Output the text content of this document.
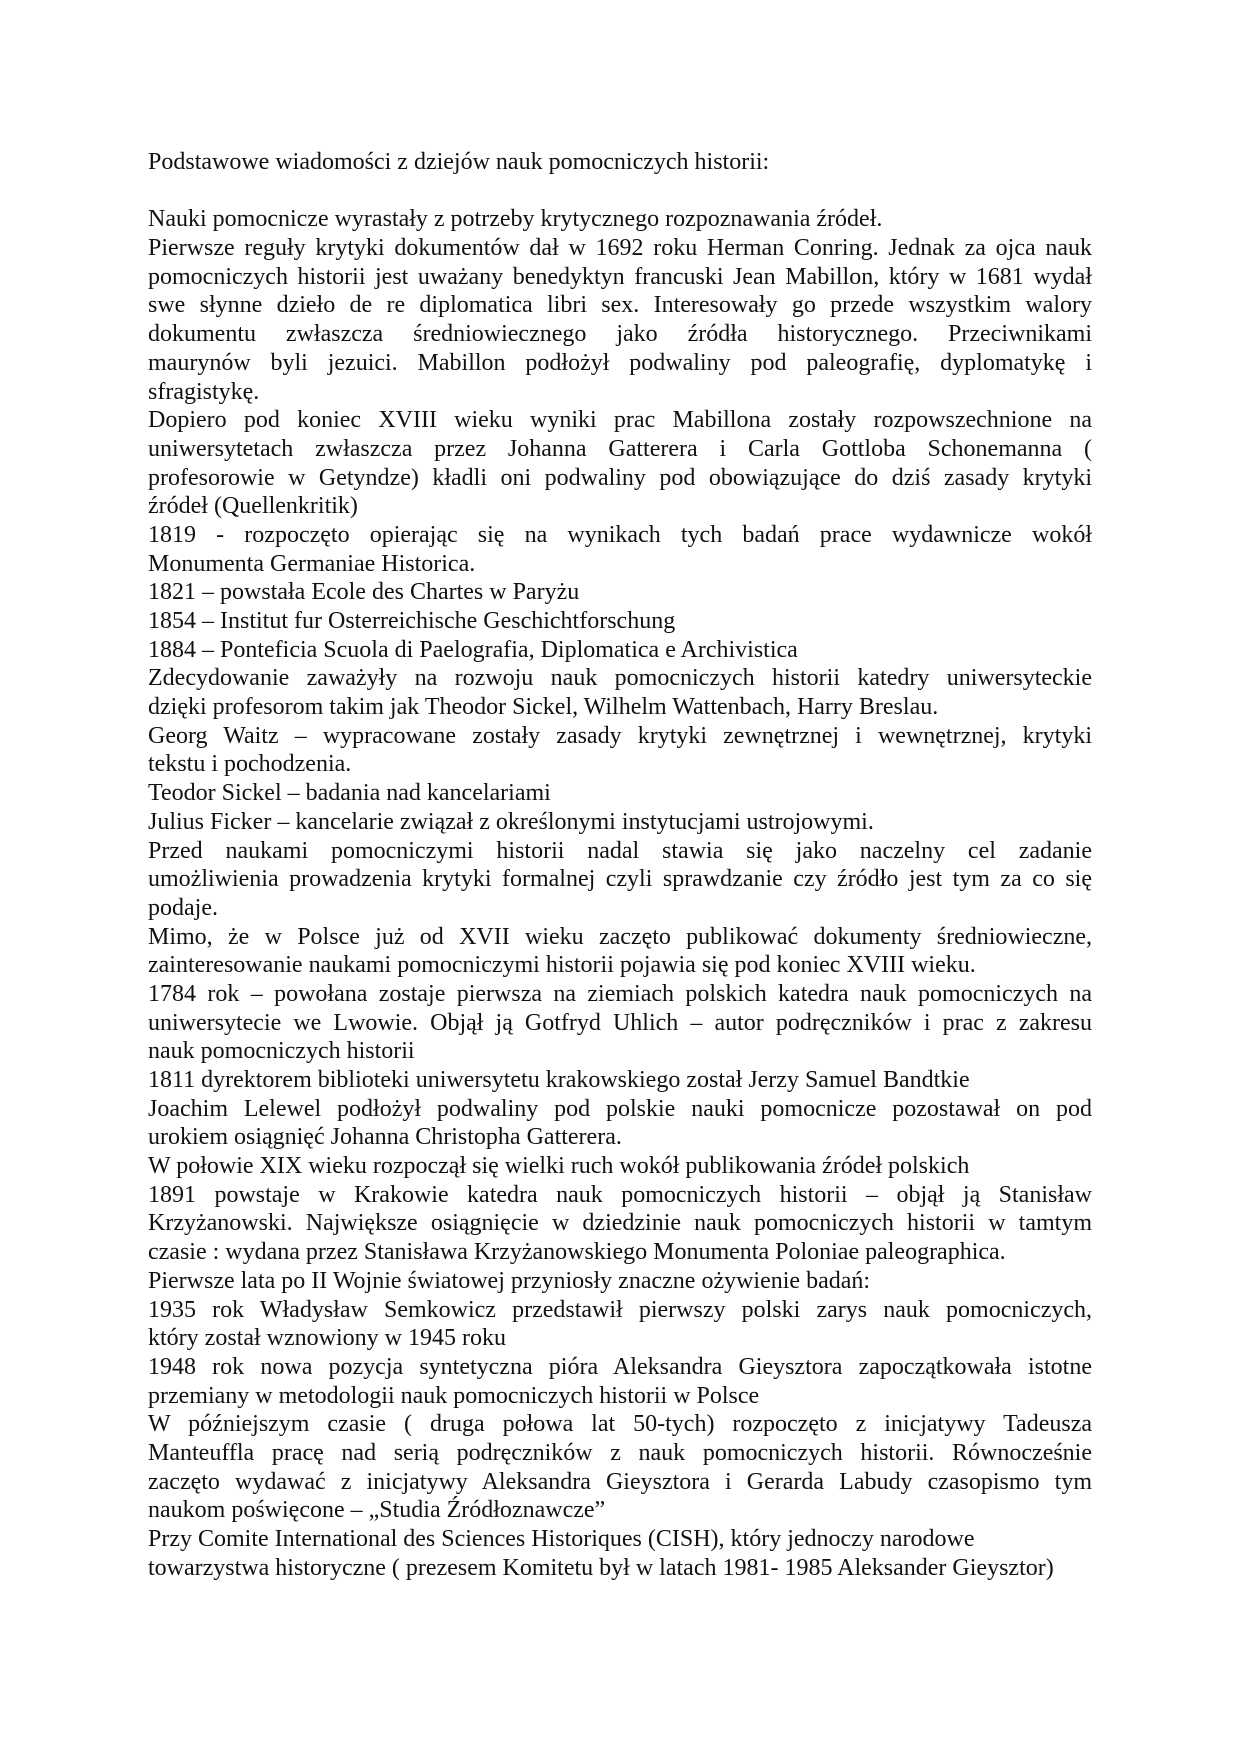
Podstawowe wiadomości z dziejów nauk pomocniczych historii:
Nauki pomocnicze wyrastały z potrzeby krytycznego rozpoznawania źródeł.
Pierwsze reguły krytyki dokumentów dał w 1692 roku Herman Conring. Jednak za ojca nauk
pomocniczych historii jest uważany benedyktyn francuski Jean Mabillon, który w 1681 wydał
swe słynne dzieło de re diplomatica libri sex. Interesowały go przede wszystkim walory
dokumentu zwłaszcza średniowiecznego jako źródła historycznego. Przeciwnikami
maurynów byli jezuici. Mabillon podłożył podwaliny pod paleografię, dyplomatykę i
sfragistykę.
Dopiero pod koniec XVIII wieku wyniki prac Mabillona zostały rozpowszechnione na
uniwersytetach zwłaszcza przez Johanna Gatterera i Carla Gottloba Schonemanna (
profesorowie w Getyndze) kładli oni podwaliny pod obowiązujące do dziś zasady krytyki
źródeł (Quellenkritik)
1819 - rozpoczęto opierając się na wynikach tych badań prace wydawnicze wokół
Monumenta Germaniae Historica.
1821 – powstała Ecole des Chartes w Paryżu
1854 – Institut fur Osterreichische Geschichtforschung
1884 – Ponteficia Scuola di Paelografia, Diplomatica e Archivistica
Zdecydowanie zaważyły na rozwoju nauk pomocniczych historii katedry uniwersyteckie
dzięki profesorom takim jak Theodor Sickel, Wilhelm Wattenbach, Harry Breslau.
Georg Waitz – wypracowane zostały zasady krytyki zewnętrznej i wewnętrznej, krytyki
tekstu i pochodzenia.
Teodor Sickel – badania nad kancelariami
Julius Ficker – kancelarie związał z określonymi instytucjami ustrojowymi.
Przed naukami pomocniczymi historii nadal stawia się jako naczelny cel zadanie
umożliwienia prowadzenia krytyki formalnej czyli sprawdzanie czy źródło jest tym za co się
podaje.
Mimo, że w Polsce już od XVII wieku zaczęto publikować dokumenty średniowieczne,
zainteresowanie naukami pomocniczymi historii pojawia się pod koniec XVIII wieku.
1784 rok – powołana zostaje pierwsza na ziemiach polskich katedra nauk pomocniczych na
uniwersytecie we Lwowie. Objął ją Gotfryd Uhlich – autor podręczników i prac z zakresu
nauk pomocniczych historii
1811 dyrektorem biblioteki uniwersytetu krakowskiego został Jerzy Samuel Bandtkie
Joachim Lelewel podłożył podwaliny pod polskie nauki pomocnicze pozostawał on pod
urokiem osiągnięć Johanna Christopha Gatterera.
W połowie XIX wieku rozpoczął się wielki ruch wokół publikowania źródeł polskich
1891 powstaje w Krakowie katedra nauk pomocniczych historii – objął ją Stanisław
Krzyżanowski. Największe osiągnięcie w dziedzinie nauk pomocniczych historii w tamtym
czasie : wydana przez Stanisława Krzyżanowskiego Monumenta Poloniae paleographica.
Pierwsze lata po II Wojnie światowej przyniosły znaczne ożywienie badań:
1935 rok Władysław Semkowicz przedstawił pierwszy polski zarys nauk pomocniczych,
który został wznowiony w 1945 roku
1948 rok nowa pozycja syntetyczna pióra Aleksandra Gieysztora zapoczątkowała istotne
przemiany w metodologii nauk pomocniczych historii w Polsce
W późniejszym czasie ( druga połowa lat 50-tych) rozpoczęto z inicjatywy Tadeusza
Manteuffla pracę nad serią podręczników z nauk pomocniczych historii. Równocześnie
zaczęto wydawać z inicjatywy Aleksandra Gieysztora i Gerarda Labudy czasopismo tym
naukom poświęcone – „Studia Źródłoznawcze”
Przy Comite International des Sciences Historiques (CISH), który jednoczy narodowe
towarzystwa historyczne ( prezesem Komitetu był w latach 1981- 1985 Aleksander Gieysztor)
